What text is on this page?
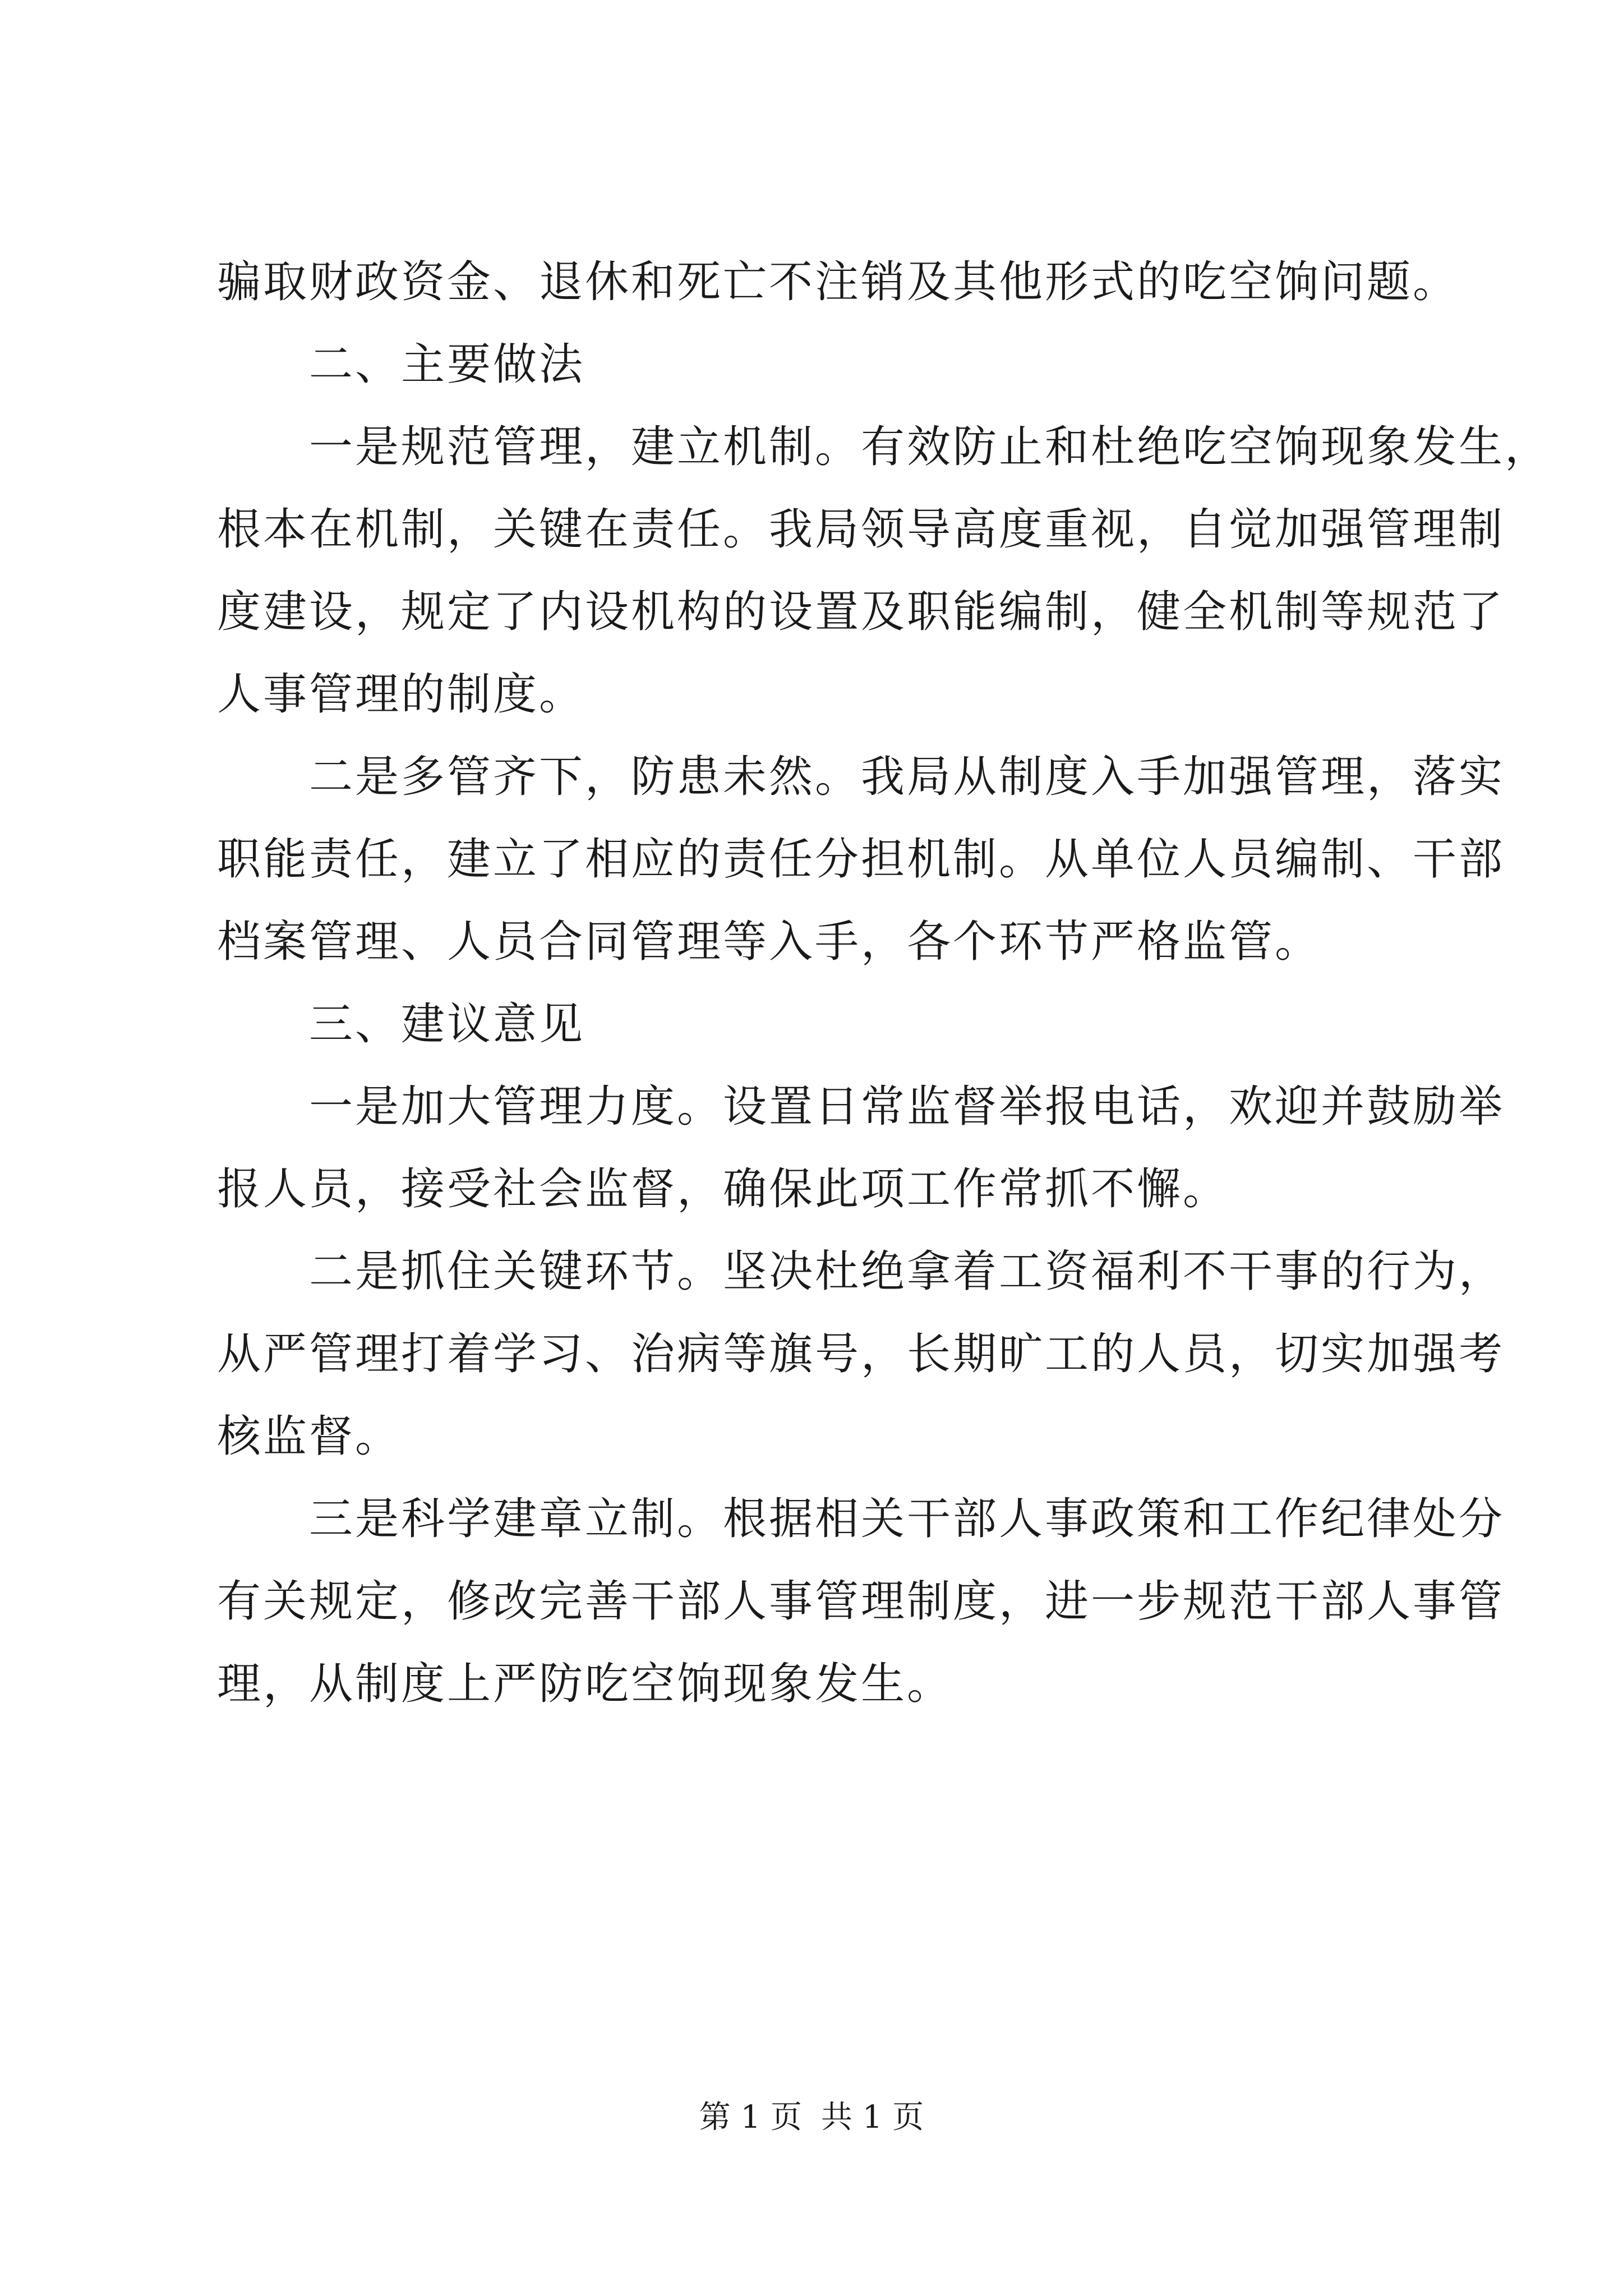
骗取财政资金、退休和死亡不注销及其他形式的吃空饷问题。
二、主要做法
一是规范管理，建立机制。有效防止和杜绝吃空饷现象发生，
根本在机制，关键在责任。我局领导高度重视，自觉加强管理制
度建设，规定了内设机构的设置及职能编制，健全机制等规范了
人事管理的制度。
二是多管齐下，防患未然。我局从制度入手加强管理，落实
职能责任，建立了相应的责任分担机制。从单位人员编制、干部
档案管理、人员合同管理等入手，各个环节严格监管。
三、建议意见
一是加大管理力度。设置日常监督举报电话，欢迎并鼓励举
报人员，接受社会监督，确保此项工作常抓不懈。
二是抓住关键环节。坚决杜绝拿着工资福利不干事的行为，
从严管理打着学习、治病等旗号，长期旷工的人员，切实加强考
核监督。
三是科学建章立制。根据相关干部人事政策和工作纪律处分
有关规定，修改完善干部人事管理制度，进一步规范干部人事管
理，从制度上严防吃空饷现象发生。
第 1 页 共 1 页
